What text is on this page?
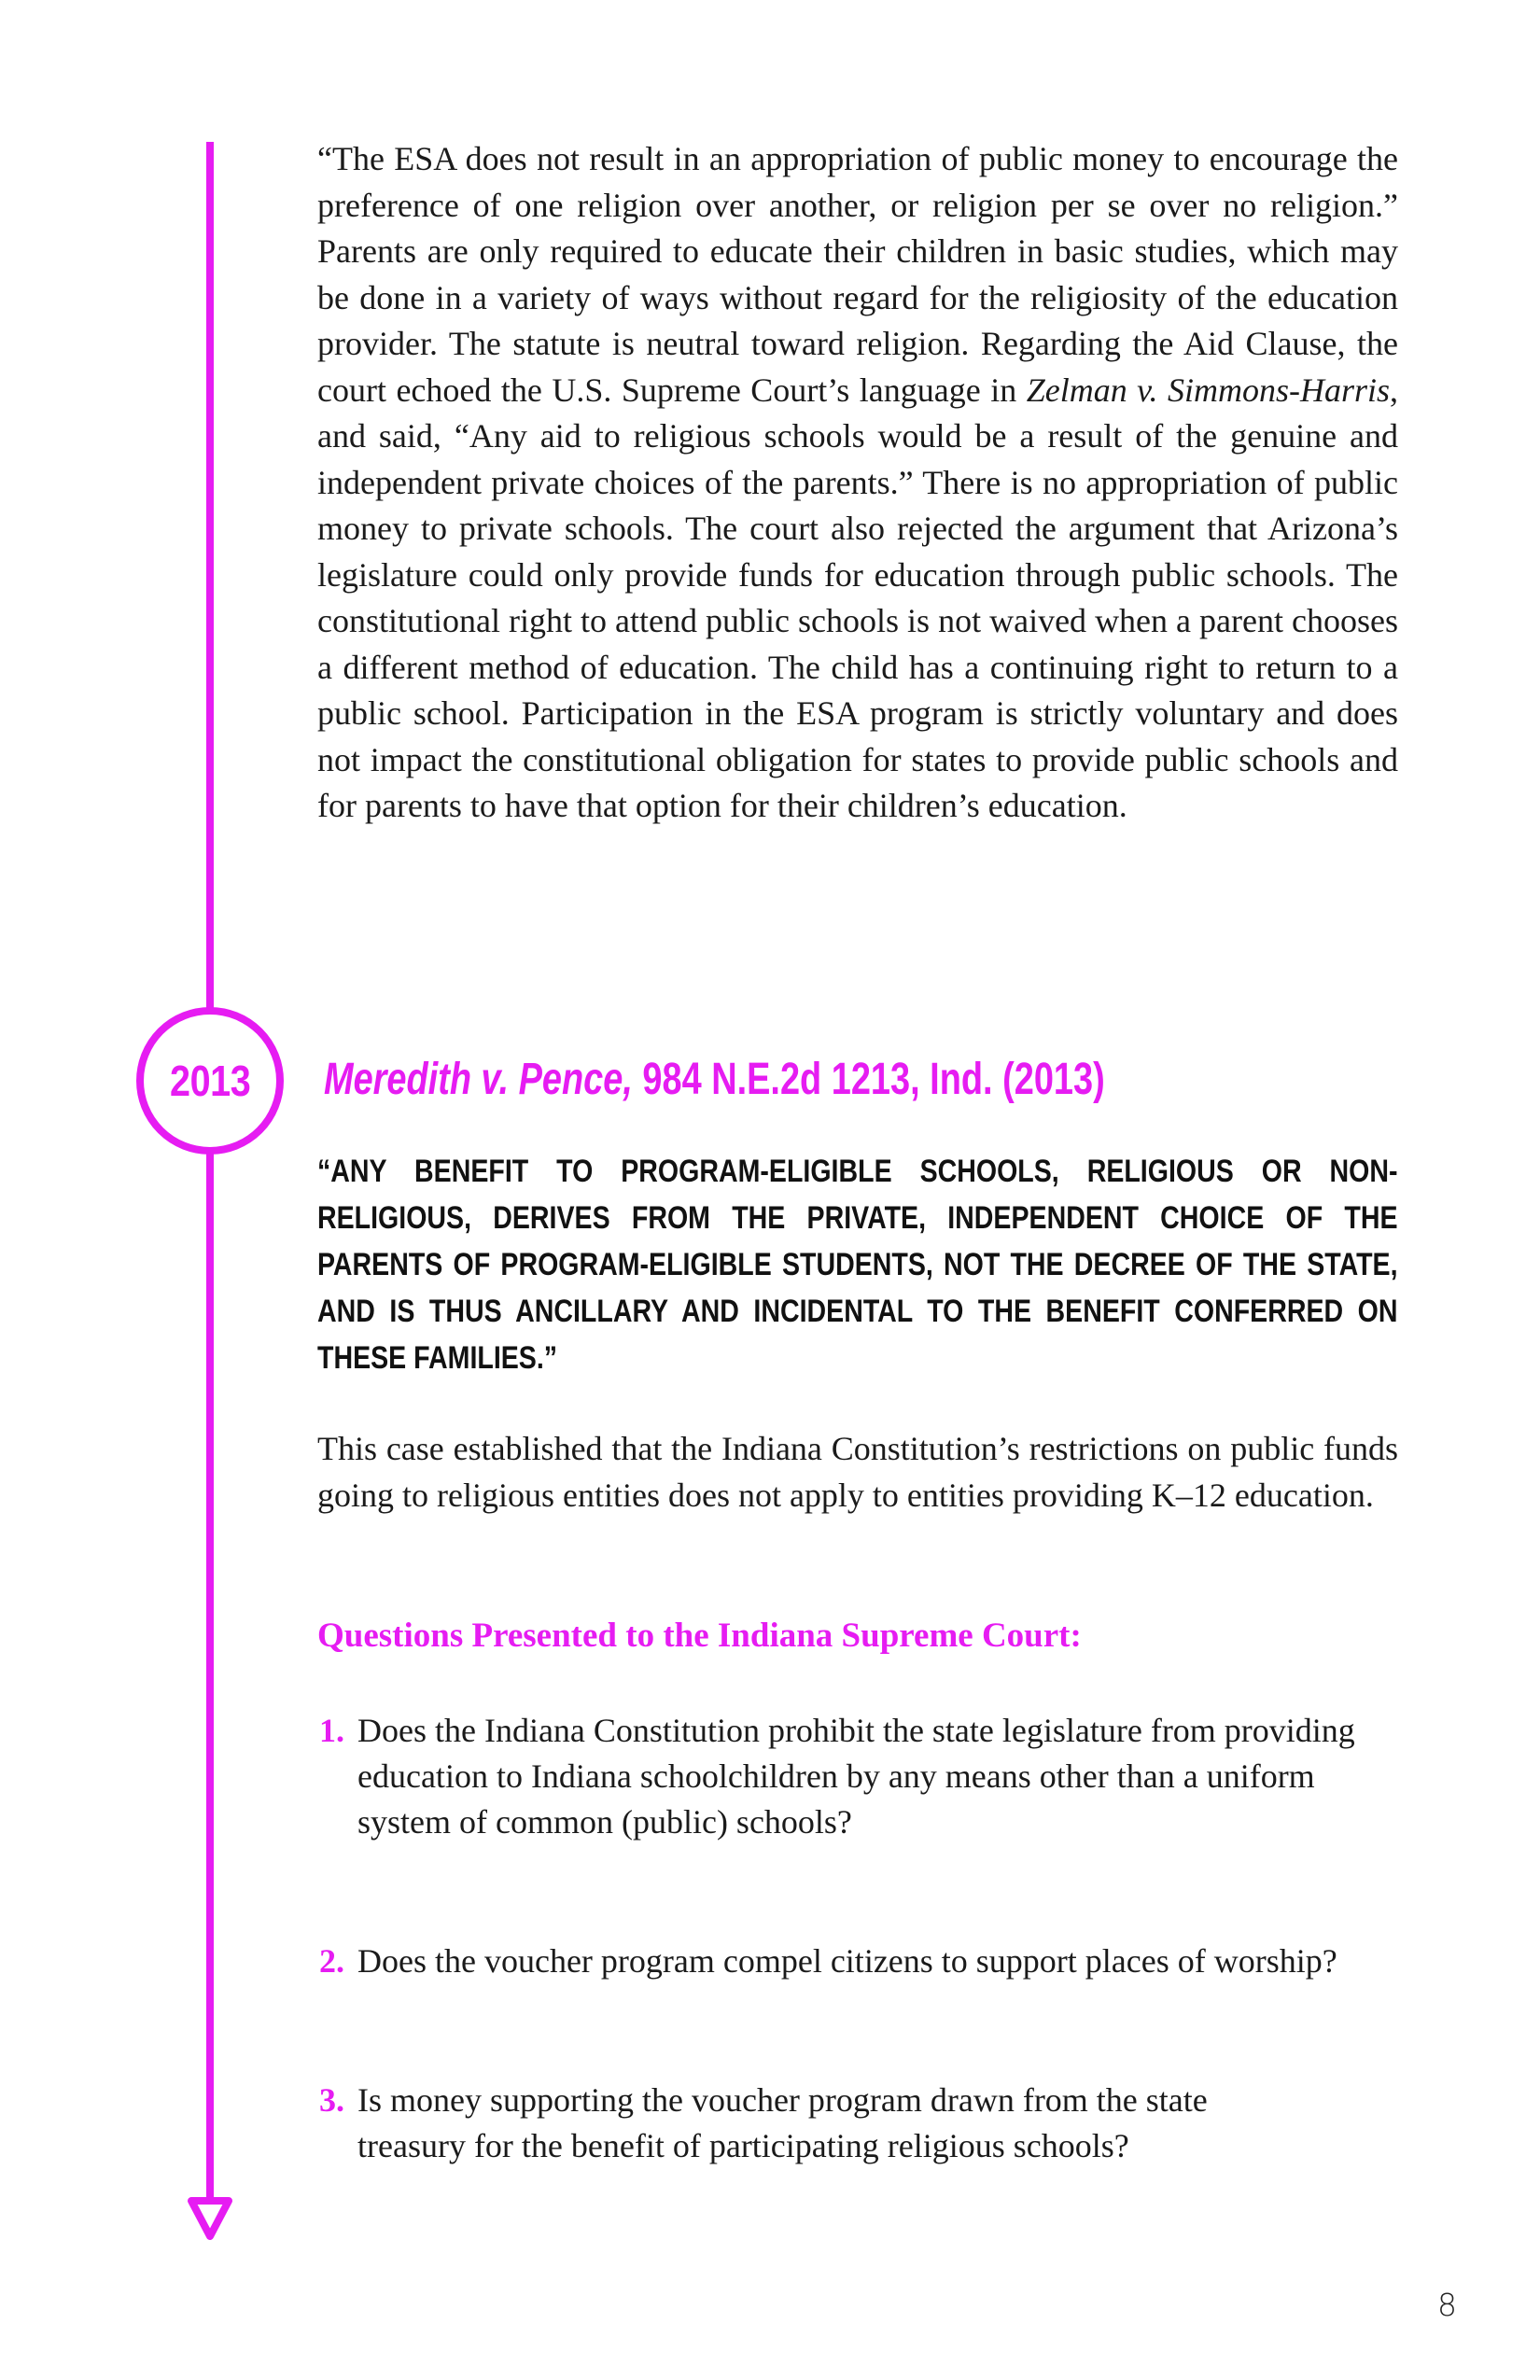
2013

“The ESA does not result in an appropriation of public money to encourage the preference of one religion over another, or religion per se over no religion.” Parents are only required to educate their children in basic studies, which may be done in a variety of ways without regard for the religiosity of the education provider. The statute is neutral toward religion. Regarding the Aid Clause, the court echoed the U.S. Supreme Court’s language in Zelman v. Simmons-Harris, and said, “Any aid to religious schools would be a result of the genuine and independent private choices of the parents.” There is no appropriation of public money to private schools. The court also rejected the argument that Arizona’s legislature could only provide funds for education through public schools. The constitutional right to attend public schools is not waived when a parent chooses a different method of education. The child has a continuing right to return to a public school. Participation in the ESA program is strictly voluntary and does not impact the constitutional obligation for states to provide public schools and for parents to have that option for their children’s education.

Meredith v. Pence, 984 N.E.2d 1213, Ind. (2013)

“ANY BENEFIT TO PROGRAM-ELIGIBLE SCHOOLS, RELIGIOUS OR NON-RELIGIOUS, DERIVES FROM THE PRIVATE, INDEPENDENT CHOICE OF THE PARENTS OF PROGRAM-ELIGIBLE STUDENTS, NOT THE DECREE OF THE STATE, AND IS THUS ANCILLARY AND INCIDENTAL TO THE BENEFIT CONFERRED ON THESE FAMILIES.”

This case established that the Indiana Constitution’s restrictions on public funds going to religious entities does not apply to entities providing K–12 education.

Questions Presented to the Indiana Supreme Court:
1. Does the Indiana Constitution prohibit the state legislature from providing education to Indiana schoolchildren by any means other than a uniform system of common (public) schools?
2. Does the voucher program compel citizens to support places of worship?
3. Is money supporting the voucher program drawn from the state treasury for the benefit of participating religious schools?
8
